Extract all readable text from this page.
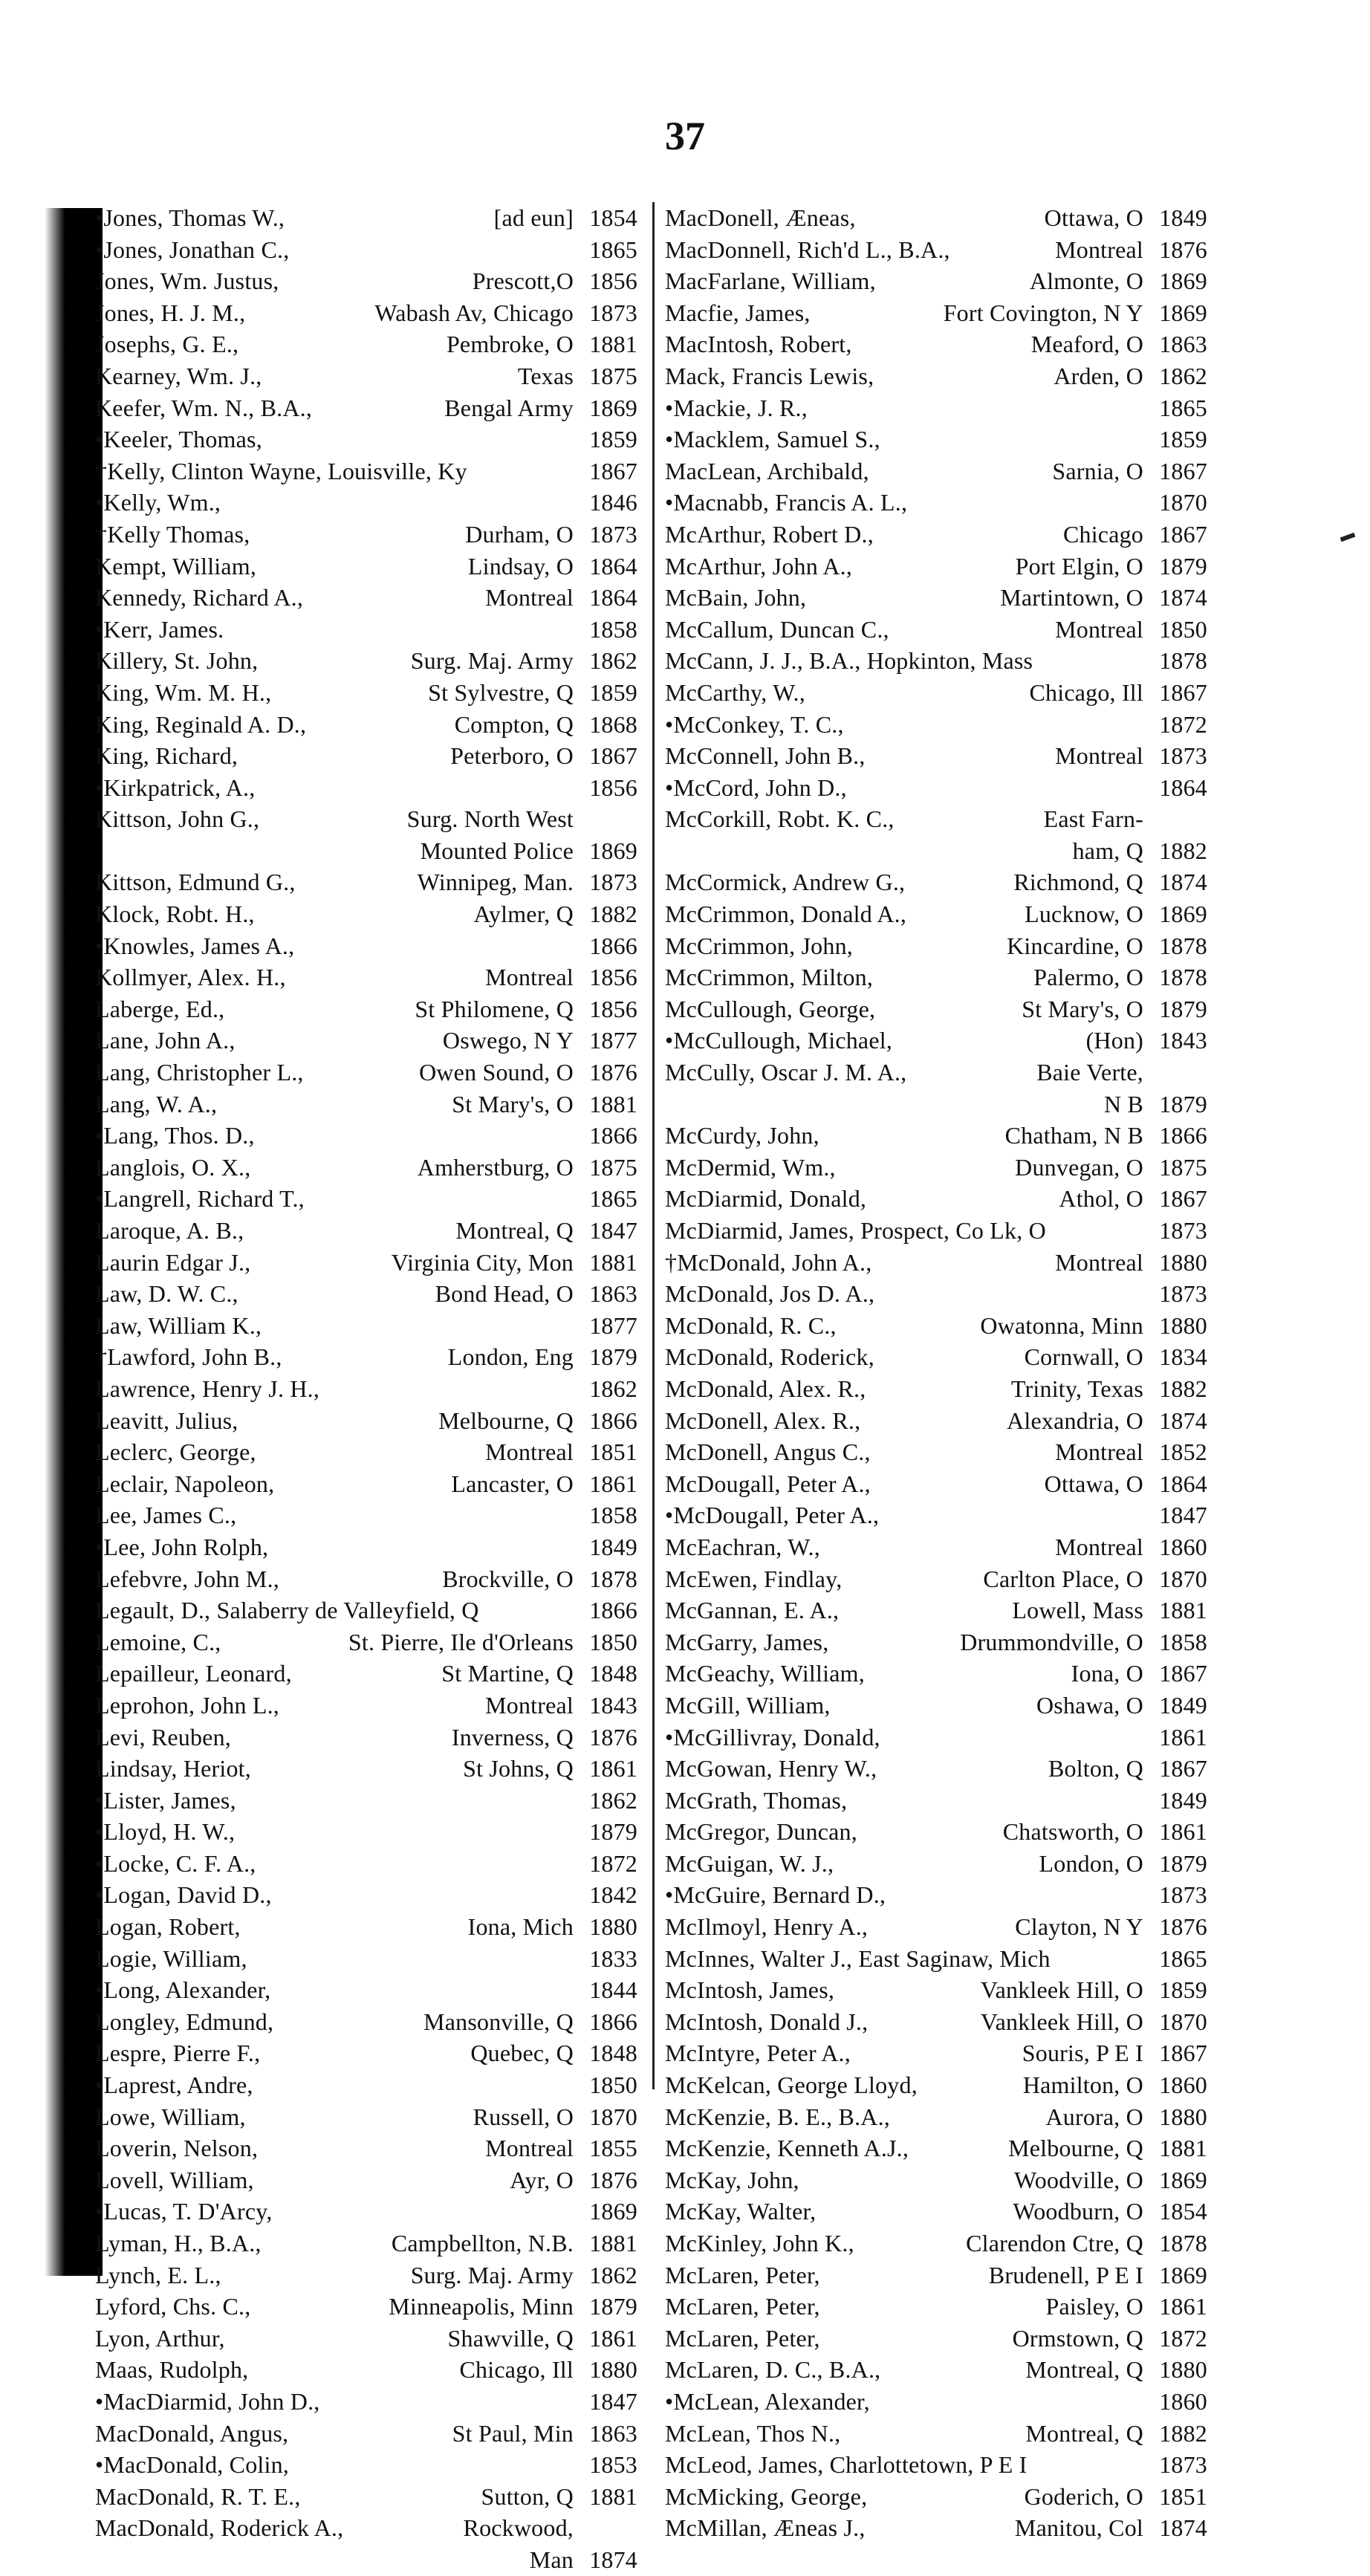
37
•Jones, Thomas W.,	[ad eun] 1854
•Jones, Jonathan C.,	1865
Jones, Wm. Justus,	Prescott,O 1856
Jones, H. J. M.,	Wabash Av, Chicago 1873
Josephs, G. E.,	Pembroke, O 1881
Kearney, Wm. J.,	Texas 1875
Keefer, Wm. N., B.A.,	Bengal Army 1869
•Keeler, Thomas,	1859
†Kelly, Clinton Wayne, Louisville, Ky	1867
•Kelly, Wm.,	1846
†Kelly Thomas,	Durham, O 1873
Kempt, William,	Lindsay, O 1864
Kennedy, Richard A.,	Montreal 1864
•Kerr, James.	1858
Killery, St. John,	Surg. Maj. Army 1862
King, Wm. M. H.,	St Sylvestre, Q 1859
King, Reginald A. D.,	Compton, Q 1868
King, Richard,	Peterboro, O 1867
•Kirkpatrick, A.,	1856
Kittson, John G.,	Surg. North West
Mounted Police 1869
Kittson, Edmund G.,	Winnipeg, Man. 1873
Klock, Robt. H.,	Aylmer, Q 1882
•Knowles, James A.,	1866
Kollmyer, Alex. H.,	Montreal 1856
Laberge, Ed.,	St Philomene, Q 1856
Lane, John A.,	Oswego, N Y 1877
Lang, Christopher L.,	Owen Sound, O 1876
Lang, W. A.,	St Mary's, O 1881
•Lang, Thos. D.,	1866
Langlois, O. X.,	Amherstburg, O 1875
•Langrell, Richard T.,	1865
Laroque, A. B.,	Montreal, Q 1847
Laurin Edgar J.,	Virginia City, Mon 1881
Law, D. W. C.,	Bond Head, O 1863
Law, William K.,	1877
†Lawford, John B.,	London, Eng 1879
Lawrence, Henry J. H.,	1862
Leavitt, Julius,	Melbourne, Q 1866
Leclerc, George,	Montreal 1851
Leclair, Napoleon,	Lancaster, O 1861
Lee, James C.,	1858
•Lee, John Rolph,	1849
Lefebvre, John M.,	Brockville, O 1878
Legault, D., Salaberry de Valleyfield, Q	1866
Lemoine, C.,	St. Pierre, Ile d'Orleans 1850
Lepailleur, Leonard,	St Martine, Q 1848
Leprohon, John L.,	Montreal 1843
Levi, Reuben,	Inverness, Q 1876
Lindsay, Heriot,	St Johns, Q 1861
•Lister, James,	1862
•Lloyd, H. W.,	1879
•Locke, C. F. A.,	1872
•Logan, David D.,	1842
Logan, Robert,	Iona, Mich 1880
Logie, William,	1833
•Long, Alexander,	1844
Longley, Edmund,	Mansonville, Q 1866
Lespre, Pierre F.,	Quebec, Q 1848
•Laprest, Andre,	1850
Lowe, William,	Russell, O 1870
Loverin, Nelson,	Montreal 1855
Lovell, William,	Ayr, O 1876
•Lucas, T. D'Arcy,	1869
Lyman, H., B.A.,	Campbellton, N.B. 1881
Lynch, E. L.,	Surg. Maj. Army 1862
Lyford, Chs. C.,	Minneapolis, Minn 1879
Lyon, Arthur,	Shawville, Q 1861
Maas, Rudolph,	Chicago, Ill 1880
•MacDiarmid, John D.,	1847
MacDonald, Angus,	St Paul, Min 1863
•MacDonald, Colin,	1853
MacDonald, R. T. E.,	Sutton, Q 1881
MacDonald, Roderick A.,	Rockwood,
Man 1874
MacDonell, Æneas,	Ottawa, O 1849
MacDonnell, Rich'd L., B.A.,	Montreal 1876
MacFarlane, William,	Almonte, O 1869
Macfie, James,	Fort Covington, N Y 1869
MacIntosh, Robert,	Meaford, O 1863
Mack, Francis Lewis,	Arden, O 1862
•Mackie, J. R.,	1865
•Macklem, Samuel S.,	1859
MacLean, Archibald,	Sarnia, O 1867
•Macnabb, Francis A. L.,	1870
McArthur, Robert D.,	Chicago 1867
McArthur, John A.,	Port Elgin, O 1879
McBain, John,	Martintown, O 1874
McCallum, Duncan C.,	Montreal 1850
McCann, J. J., B.A., Hopkinton, Mass	1878
McCarthy, W.,	Chicago, Ill 1867
•McConkey, T. C.,	1872
McConnell, John B.,	Montreal 1873
•McCord, John D.,	1864
McCorkill, Robt. K. C.,	East Farn-
ham, Q 1882
McCormick, Andrew G.,	Richmond, Q 1874
McCrimmon, Donald A.,	Lucknow, O 1869
McCrimmon, John,	Kincardine, O 1878
McCrimmon, Milton,	Palermo, O 1878
McCullough, George,	St Mary's, O 1879
•McCullough, Michael,	(Hon) 1843
McCully, Oscar J. M. A.,	Baie Verte,
N B 1879
McCurdy, John,	Chatham, N B 1866
McDermid, Wm.,	Dunvegan, O 1875
McDiarmid, Donald,	Athol, O 1867
McDiarmid, James, Prospect, Co Lk, O	1873
†McDonald, John A.,	Montreal 1880
McDonald, Jos D. A.,	1873
McDonald, R. C.,	Owatonna, Minn 1880
McDonald, Roderick,	Cornwall, O 1834
McDonald, Alex. R.,	Trinity, Texas 1882
McDonell, Alex. R.,	Alexandria, O 1874
McDonell, Angus C.,	Montreal 1852
McDougall, Peter A.,	Ottawa, O 1864
•McDougall, Peter A.,	1847
McEachran, W.,	Montreal 1860
McEwen, Findlay,	Carlton Place, O 1870
McGannan, E. A.,	Lowell, Mass 1881
McGarry, James,	Drummondville, O 1858
McGeachy, William,	Iona, O 1867
McGill, William,	Oshawa, O 1849
•McGillivray, Donald,	1861
McGowan, Henry W.,	Bolton, Q 1867
McGrath, Thomas,	1849
McGregor, Duncan,	Chatsworth, O 1861
McGuigan, W. J.,	London, O 1879
•McGuire, Bernard D.,	1873
McIlmoyl, Henry A.,	Clayton, N Y 1876
McInnes, Walter J., East Saginaw, Mich	1865
McIntosh, James,	Vankleek Hill, O 1859
McIntosh, Donald J.,	Vankleek Hill, O 1870
McIntyre, Peter A.,	Souris, P E I 1867
McKelcan, George Lloyd,	Hamilton, O 1860
McKenzie, B. E., B.A.,	Aurora, O 1880
McKenzie, Kenneth A.J.,	Melbourne, Q 1881
McKay, John,	Woodville, O 1869
McKay, Walter,	Woodburn, O 1854
McKinley, John K.,	Clarendon Ctre, Q 1878
McLaren, Peter,	Brudenell, P E I 1869
McLaren, Peter,	Paisley, O 1861
McLaren, Peter,	Ormstown, Q 1872
McLaren, D. C., B.A.,	Montreal, Q 1880
•McLean, Alexander,	1860
McLean, Thos N.,	Montreal, Q 1882
McLeod, James, Charlottetown, P E I	1873
McMicking, George,	Goderich, O 1851
McMillan, Æneas J.,	Manitou, Col 1874
